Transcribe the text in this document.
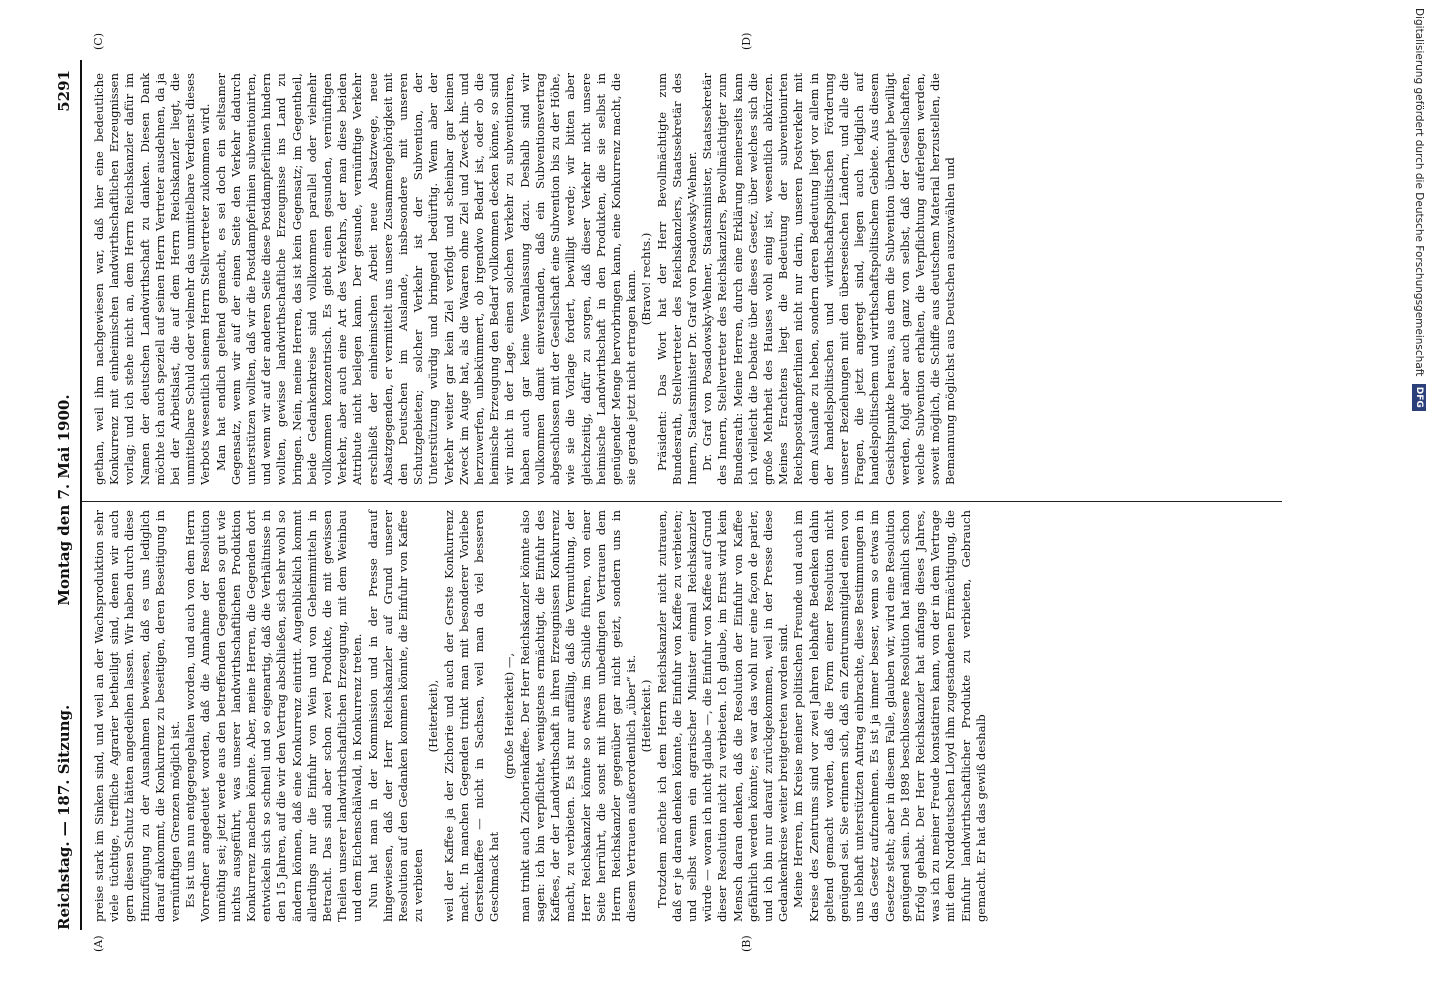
Reichstag. — 187. Sitzung.
Montag den 7. Mai 1900.
5291
(A)	(B)
(C)	(D)

preise stark im Sinken sind, und weil an der Wachsproduktion sehr viele tüchtige, treffliche Agrarier betheiligt sind, denen wir auch gern diesen Schutz hätten angedeihen lassen. Wir haben durch diese Hinzufügung zu der Ausnahmen bewiesen, daß es uns lediglich darauf ankommt, die Konkurrenz zu beseitigen, deren Beseitigung in vernünftigen Grenzen möglich ist. Es ist uns nun entgegengehalten worden, und auch von dem Herrn Vorredner angedeutet worden, daß die Annahme der Resolution unnöthig sei; jetzt werde aus den betreffenden Gegenden so gut wie nichts ausgeführt, was unserer landwirthschaftlichen Produktion Konkurrenz machen könnte. Aber, meine Herren, die Gegenden dort entwickeln sich so schnell und so eigenartig, daß die Verhältnisse in den 15 Jahren, auf die wir den Vertrag abschließen, sich sehr wohl so ändern können, daß eine Konkurrenz eintritt. Augenblicklich kommt allerdings nur die Einfuhr von Wein und von Geheimmitteln in Betracht. Das sind aber schon zwei Produkte, die mit gewissen Theilen unserer landwirthschaftlichen Erzeugung, mit dem Weinbau und dem Eichenschälwald, in Konkurrenz treten. Nun hat man in der Kommission und in der Presse darauf hingewiesen, daß der Herr Reichskanzler auf Grund unserer Resolution auf den Gedanken kommen könnte, die Einfuhr von Kaffee zu verbieten

(Heiterkeit), weil der Kaffee ja der Zichorie und auch der Gerste Konkurrenz macht. In manchen Gegenden trinkt man mit besonderer Vorliebe Gerstenkaffee — nicht in Sachsen, weil man da viel besseren Geschmack hat

(große Heiterkeit) —, man trinkt auch Zichorienkaffee. Der Herr Reichskanzler könnte also sagen: ich bin verpflichtet, wenigstens ermächtigt, die Einfuhr des Kaffees, der der Landwirthschaft in ihren Erzeugnissen Konkurrenz macht, zu verbieten. Es ist nur auffällig, daß die Vermuthung, der Herr Reichskanzler könnte so etwas im Schilde führen, von einer Seite herrührt, die sonst mit ihrem unbedingten Vertrauen dem Herrn Reichskanzler gegenüber gar nicht geizt, sondern uns in diesem Vertrauen außerordentlich „über“ ist. (Heiterkeit.) Trotzdem möchte ich dem Herrn Reichskanzler nicht zutrauen, daß er je daran denken könnte, die Einfuhr von Kaffee zu verbieten; und selbst wenn ein agrarischer Minister einmal Reichskanzler würde — woran ich nicht glaube —, die Einfuhr von Kaffee auf Grund dieser Resolution nicht zu verbieten. Ich glaube, im Ernst wird kein Mensch daran denken, daß die Resolution der Einfuhr von Kaffee gefährlich werden könnte; es war das wohl nur eine façon de parler, und ich bin nur darauf zurückgekommen, weil in der Presse diese Gedankenkreise weiter breitgetreten worden sind. Meine Herren, im Kreise meiner politischen Freunde und auch im Kreise des Zentrums sind vor zwei Jahren lebhafte Bedenken dahin geltend gemacht worden, daß die Form einer Resolution nicht genügend sei. Sie erinnern sich, daß ein Zentrumsmitglied einen von uns lebhaft unterstützten Antrag einbrachte, diese Bestimmungen in das Gesetz aufzunehmen. Es ist ja immer besser, wenn so etwas im Gesetze steht; aber in diesem Falle, glauben wir, wird eine Resolution genügend sein. Die 1898 beschlossene Resolution hat nämlich schon Erfolg gehabt. Der Herr Reichskanzler hat anfangs dieses Jahres, was ich zu meiner Freude konstatiren kann, von der in dem Vertrage mit dem Norddeutschen Lloyd ihm zugestandenen Ermächtigung, die Einfuhr landwirthschaftlicher Produkte zu verbieten, Gebrauch gemacht. Er hat das gewiß deshalb

gethan, weil ihm nachgewiesen war, daß hier eine bedeutliche Konkurrenz mit einheimischen landwirthschaftlichen Erzeugnissen vorlag; und ich stehe nicht an, dem Herrn Reichskanzler dafür im Namen der deutschen Landwirthschaft zu danken. Diesen Dank möchte ich auch speziell auf seinen Herrn Vertreter ausdehnen, da ja bei der Arbeitslast, die auf dem Herrn Reichskanzler liegt, die unmittelbare Schuld oder vielmehr das unmittelbare Verdienst dieses Verbots wesentlich seinem Herrn Stellvertreter zukommen wird. Man hat endlich geltend gemacht, es sei doch ein seltsamer Gegensatz, wenn wir auf der einen Seite den Verkehr dadurch unterstützen wollten, daß wir die Postdampferlinien subventionirten, und wenn wir auf der anderen Seite diese Postdampferlinien hindern wollten, gewisse landwirthschaftliche Erzeugnisse ins Land zu bringen. Nein, meine Herren, das ist kein Gegensatz; im Gegentheil, beide Gedankenkreise sind vollkommen parallel oder vielmehr vollkommen konzentrisch. Es giebt einen gesunden, vernünftigen Verkehr, aber auch eine Art des Verkehrs, der man diese beiden Attribute nicht beilegen kann. Der gesunde, vernünftige Verkehr erschließt der einheimischen Arbeit neue Absatzwege, neue Absatzgegenden, er vermittelt uns unsere Zusammengehörigkeit mit den Deutschen im Auslande, insbesondere mit unseren Schutzgebieten; solcher Verkehr ist der Subvention, der Unterstützung würdig und bringend bedürftig. Wenn aber der Verkehr weiter gar kein Ziel verfolgt und scheinbar gar keinen Zweck im Auge hat, als die Waaren ohne Ziel und Zweck hin- und herzuwerfen, unbekümmert, ob irgendwo Bedarf ist, oder ob die heimische Erzeugung den Bedarf vollkommen decken könne, so sind wir nicht in der Lage, einen solchen Verkehr zu subventioniren, haben auch gar keine Veranlassung dazu. Deshalb sind wir vollkommen damit einverstanden, daß ein Subventionsvertrag abgeschlossen mit der Gesellschaft eine Subvention bis zu der Höhe, wie sie die Vorlage fordert, bewilligt werde; wir bitten aber gleichzeitig, dafür zu sorgen, daß dieser Verkehr nicht unsere heimische Landwirthschaft in den Produkten, die sie selbst in genügender Menge hervorbringen kann, eine Konkurrenz macht, die sie gerade jetzt nicht ertragen kann. (Bravo! rechts.) Präsident: Das Wort hat der Herr Bevollmächtigte zum Bundesrath, Stellvertreter des Reichskanzlers, Staatssekretär des Innern, Staatsminister Dr. Graf von Posadowsky-Wehner. Dr. Graf von Posadowsky-Wehner, Staatsminister, Staatssekretär des Innern, Stellvertreter des Reichskanzlers, Bevollmächtigter zum Bundesrath: Meine Herren, durch eine Erklärung meinerseits kann ich vielleicht die Debatte über dieses Gesetz, über welches sich die große Mehrheit des Hauses wohl einig ist, wesentlich abkürzen. Meines Erachtens liegt die Bedeutung der subventionirten Reichspostdampferlinien nicht nur darin, unseren Postverkehr mit dem Auslande zu heben, sondern deren Bedeutung liegt vor allem in der handelspolitischen und wirthschaftspolitischen Förderung unserer Beziehungen mit den überseeischen Ländern, und alle die Fragen, die jetzt angeregt sind, liegen auch lediglich auf handelspolitischem und wirthschaftspolitischem Gebiete. Aus diesem Gesichtspunkte heraus, aus dem die Subvention überhaupt bewilligt werden, folgt aber auch ganz von selbst, daß der Gesellschaften, welche Subvention erhalten, die Verpflichtung auferlegen werden, soweit möglich, die Schiffe aus deutschem Material herzustellen, die Bemannung möglichst aus Deutschen auszuwählen und	Digitalisierung gefördert durch die Deutsche Forschungsgemeinschaft DFG
